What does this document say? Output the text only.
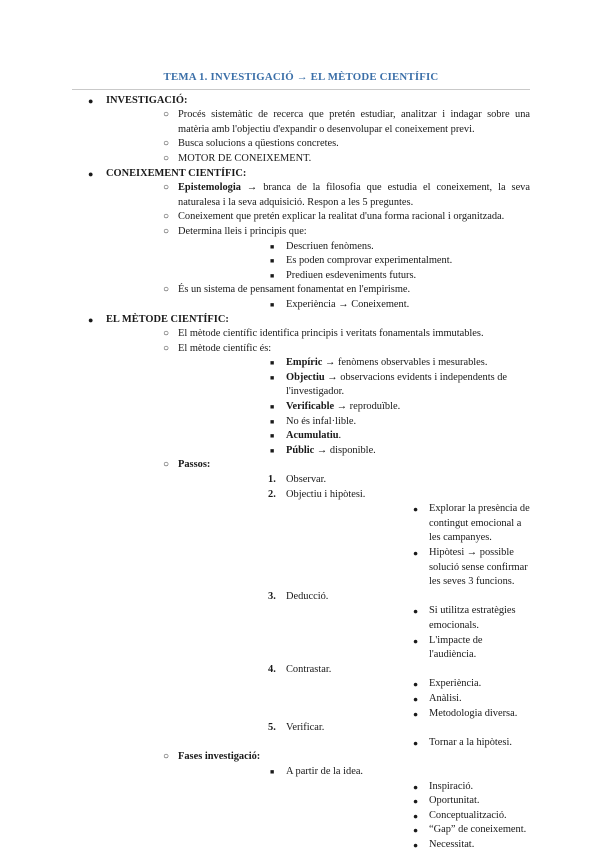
TEMA 1. INVESTIGACIÓ → EL MÈTODE CIENTÍFIC
● INVESTIGACIÓ:
○ Procés sistemàtic de recerca que pretén estudiar, analitzar i indagar sobre una matèria amb l'objectiu d'expandir o desenvolupar el coneixement previ.
○ Busca solucions a qüestions concretes.
○ MOTOR DE CONEIXEMENT.
● CONEIXEMENT CIENTÍFIC:
○ Epistemologia → branca de la filosofia que estudia el coneixement, la seva naturalesa i la seva adquisició. Respon a les 5 preguntes.
○ Coneixement que pretén explicar la realitat d'una forma racional i organitzada.
○ Determina lleis i principis que:
■ Descriuen fenòmens.
■ Es poden comprovar experimentalment.
■ Prediuen esdeveniments futurs.
○ És un sistema de pensament fonamentat en l'empirisme.
■ Experiència → Coneixement.
● EL MÈTODE CIENTÍFIC:
○ El mètode científic identifica principis i veritats fonamentals immutables.
○ El mètode científic és:
■ Empíric → fenòmens observables i mesurables.
■ Objectiu → observacions evidents i independents de l'investigador.
■ Verificable → reproduïble.
■ No és infal·lible.
■ Acumulatiu.
■ Públic → disponible.
○ Passos:
1. Observar.
2. Objectiu i hipòtesi.
● Explorar la presència de contingut emocional a les campanyes.
● Hipòtesi → possible solució sense confirmar les seves 3 funcions.
3. Deducció.
● Si utilitza estratègies emocionals.
● L'impacte de l'audiència.
4. Contrastar.
● Experiència.
● Anàlisi.
● Metodologia diversa.
5. Verificar.
● Tornar a la hipòtesi.
○ Fases investigació:
■ A partir de la idea.
● Inspiració.
● Oportunitat.
● Conceptualització.
● “Gap” de coneixement.
● Necessitat.
